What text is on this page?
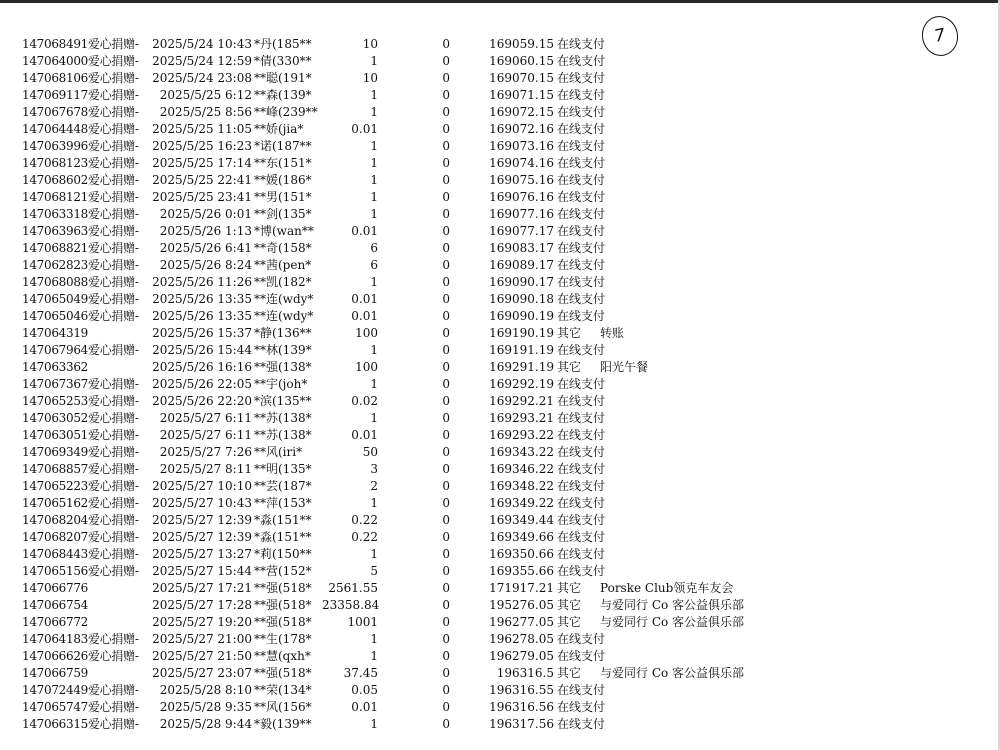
7
147068491爱心捐赠-	2025/5/24 10:43 *丹(185**	10	0	169059.15 在线支付
147064000爱心捐赠-	2025/5/24 12:59 *倩(330**	1	0	169060.15 在线支付
147068106爱心捐赠-	2025/5/24 23:08 **聪(191*	10	0	169070.15 在线支付
147069117爱心捐赠-	2025/5/25 6:12 **森(139*	1	0	169071.15 在线支付
147067678爱心捐赠-	2025/5/25 8:56 **峰(239**	1	0	169072.15 在线支付
147064448爱心捐赠-	2025/5/25 11:05 **娇(jia*	0.01	0	169072.16 在线支付
147063996爱心捐赠-	2025/5/25 16:23 *诺(187**	1	0	169073.16 在线支付
147068123爱心捐赠-	2025/5/25 17:14 **东(151*	1	0	169074.16 在线支付
147068602爱心捐赠-	2025/5/25 22:41 **媛(186*	1	0	169075.16 在线支付
147068121爱心捐赠-	2025/5/25 23:41 **男(151*	1	0	169076.16 在线支付
147063318爱心捐赠-	2025/5/26 0:01 **剑(135*	1	0	169077.16 在线支付
147063963爱心捐赠-	2025/5/26 1:13 *博(wan**	0.01	0	169077.17 在线支付
147068821爱心捐赠-	2025/5/26 6:41 **奇(158*	6	0	169083.17 在线支付
147062823爱心捐赠-	2025/5/26 8:24 **茜(pen*	6	0	169089.17 在线支付
147068088爱心捐赠-	2025/5/26 11:26 **凯(182*	1	0	169090.17 在线支付
147065049爱心捐赠-	2025/5/26 13:35 **连(wdy*	0.01	0	169090.18 在线支付
147065046爱心捐赠-	2025/5/26 13:35 **连(wdy*	0.01	0	169090.19 在线支付
147064319	2025/5/26 15:37 *静(136**	100	0	169190.19 其它	转账
147067964爱心捐赠-	2025/5/26 15:44 **林(139*	1	0	169191.19 在线支付
147063362	2025/5/26 16:16 **强(138*	100	0	169291.19 其它	阳光午餐
147067367爱心捐赠-	2025/5/26 22:05 **宇(joh*	1	0	169292.19 在线支付
147065253爱心捐赠-	2025/5/26 22:20 *滨(135**	0.02	0	169292.21 在线支付
147063052爱心捐赠-	2025/5/27 6:11 **苏(138*	1	0	169293.21 在线支付
147063051爱心捐赠-	2025/5/27 6:11 **苏(138*	0.01	0	169293.22 在线支付
147069349爱心捐赠-	2025/5/27 7:26 **风(iri*	50	0	169343.22 在线支付
147068857爱心捐赠-	2025/5/27 8:11 **明(135*	3	0	169346.22 在线支付
147065223爱心捐赠-	2025/5/27 10:10 **芸(187*	2	0	169348.22 在线支付
147065162爱心捐赠-	2025/5/27 10:43 **萍(153*	1	0	169349.22 在线支付
147068204爱心捐赠-	2025/5/27 12:39 *淼(151**	0.22	0	169349.44 在线支付
147068207爱心捐赠-	2025/5/27 12:39 *淼(151**	0.22	0	169349.66 在线支付
147068443爱心捐赠-	2025/5/27 13:27 *莉(150**	1	0	169350.66 在线支付
147065156爱心捐赠-	2025/5/27 15:44 **营(152*	5	0	169355.66 在线支付
147066776	2025/5/27 17:21 **强(518*	2561.55	0	171917.21 其它	Porske Club领克车友会
147066754	2025/5/27 17:28 **强(518* 23358.84	0	195276.05 其它	与爱同行 Co 客公益俱乐部
147066772	2025/5/27 19:20 **强(518*	1001	0	196277.05 其它	与爱同行 Co 客公益俱乐部
147064183爱心捐赠-	2025/5/27 21:00 **生(178*	1	0	196278.05 在线支付
147066626爱心捐赠-	2025/5/27 21:50 **慧(qxh*	1	0	196279.05 在线支付
147066759	2025/5/27 23:07 **强(518*	37.45	0	196316.5 其它	与爱同行 Co 客公益俱乐部
147072449爱心捐赠-	2025/5/28 8:10 **荣(134*	0.05	0	196316.55 在线支付
147065747爱心捐赠-	2025/5/28 9:35 **风(156*	0.01	0	196316.56 在线支付
147066315爱心捐赠-	2025/5/28 9:44 *毅(139**	1	0	196317.56 在线支付
